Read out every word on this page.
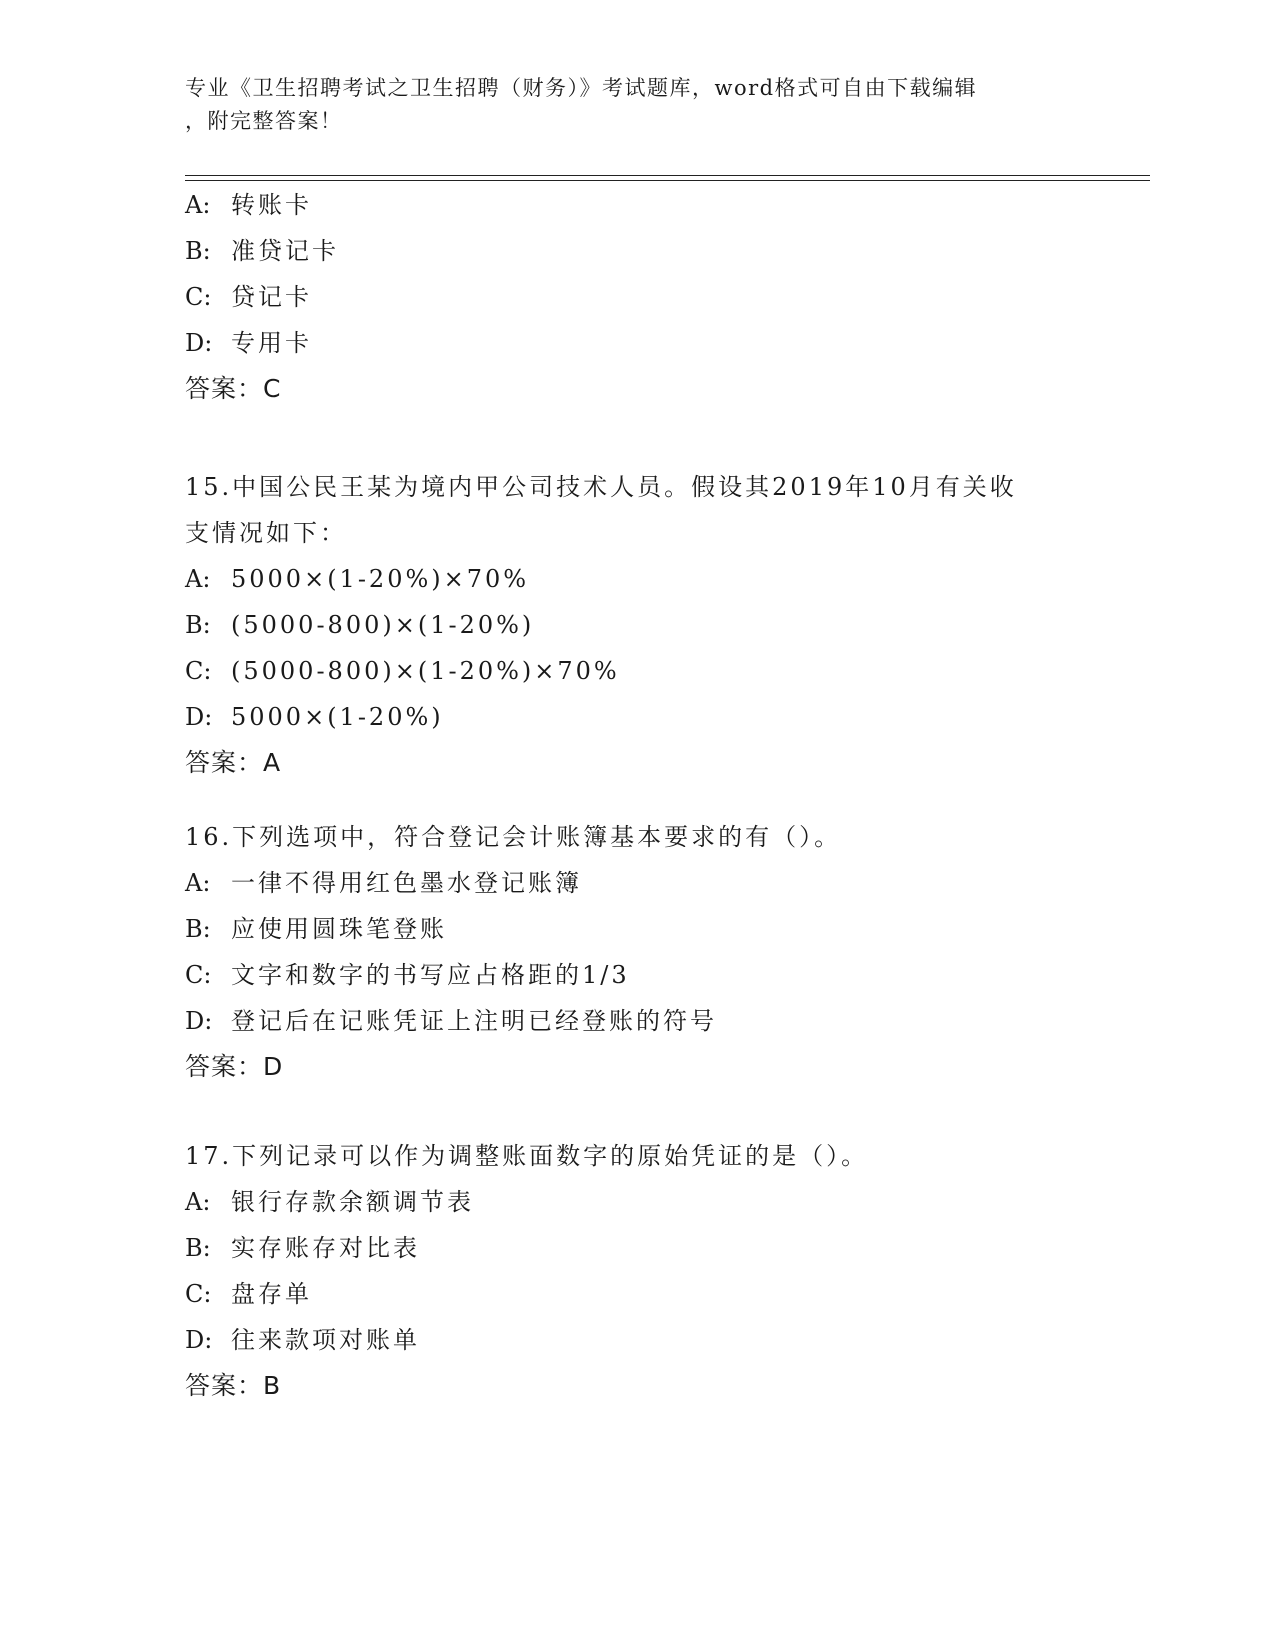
专业《卫生招聘考试之卫生招聘（财务）》考试题库，word格式可自由下载编辑
，附完整答案！
A: 转账卡
B: 准贷记卡
C: 贷记卡
D: 专用卡
答案：C
15.中国公民王某为境内甲公司技术人员。假设其2019年10月有关收
支情况如下：
A: 5000×(1-20%)×70%
B: (5000-800)×(1-20%)
C: (5000-800)×(1-20%)×70%
D: 5000×(1-20%)
答案：A
16.下列选项中，符合登记会计账簿基本要求的有（）。
A: 一律不得用红色墨水登记账簿
B: 应使用圆珠笔登账
C: 文字和数字的书写应占格距的1/3
D: 登记后在记账凭证上注明已经登账的符号
答案：D
17.下列记录可以作为调整账面数字的原始凭证的是（）。
A: 银行存款余额调节表
B: 实存账存对比表
C: 盘存单
D: 往来款项对账单
答案：B
